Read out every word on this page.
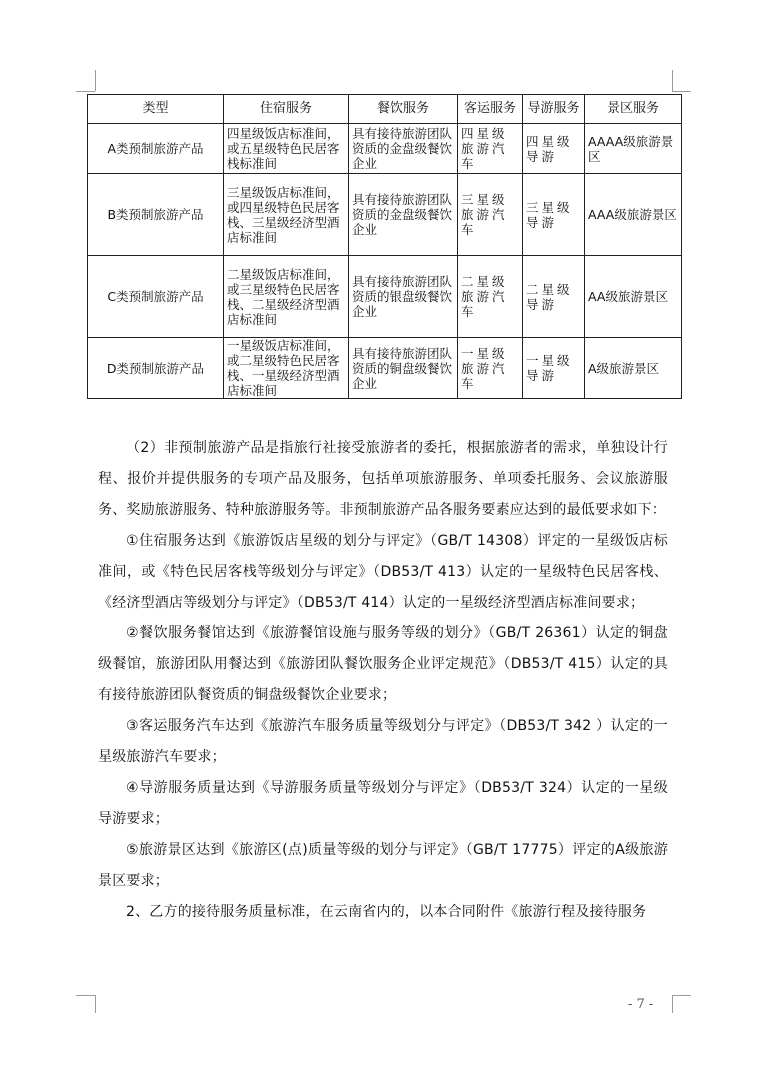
类型	住宿服务	餐饮服务	客运服务	导游服务	景区服务
A类预制旅游产品	四星级饭店标准间，或五星级特色民居客栈标准间	具有接待旅游团队资质的金盘级餐饮企业	四星级旅游汽车	四星级导游	AAAA级旅游景区
B类预制旅游产品	三星级饭店标准间，或四星级特色民居客栈、三星级经济型酒店标准间	具有接待旅游团队资质的金盘级餐饮企业	三星级旅游汽车	三星级导游	AAA级旅游景区
C类预制旅游产品	二星级饭店标准间，或三星级特色民居客栈、二星级经济型酒店标准间	具有接待旅游团队资质的银盘级餐饮企业	二星级旅游汽车	二星级导游	AA级旅游景区
D类预制旅游产品	一星级饭店标准间，或二星级特色民居客栈、一星级经济型酒店标准间	具有接待旅游团队资质的铜盘级餐饮企业	一星级旅游汽车	一星级导游	A级旅游景区

（2）非预制旅游产品是指旅行社接受旅游者的委托，根据旅游者的需求，单独设计行程、报价并提供服务的专项产品及服务，包括单项旅游服务、单项委托服务、会议旅游服务、奖励旅游服务、特种旅游服务等。非预制旅游产品各服务要素应达到的最低要求如下：

①住宿服务达到《旅游饭店星级的划分与评定》（GB/T 14308）评定的一星级饭店标准间，或《特色民居客栈等级划分与评定》（DB53/T 413）认定的一星级特色民居客栈、《经济型酒店等级划分与评定》（DB53/T 414）认定的一星级经济型酒店标准间要求；

②餐饮服务餐馆达到《旅游餐馆设施与服务等级的划分》（GB/T 26361）认定的铜盘级餐馆，旅游团队用餐达到《旅游团队餐饮服务企业评定规范》（DB53/T 415）认定的具有接待旅游团队餐资质的铜盘级餐饮企业要求；

③客运服务汽车达到《旅游汽车服务质量等级划分与评定》（DB53/T 342 ）认定的一星级旅游汽车要求；

④导游服务质量达到《导游服务质量等级划分与评定》（DB53/T 324）认定的一星级导游要求；

⑤旅游景区达到《旅游区(点)质量等级的划分与评定》（GB/T 17775）评定的A级旅游景区要求；

2、乙方的接待服务质量标准，在云南省内的，以本合同附件《旅游行程及接待服务

- 7 -
